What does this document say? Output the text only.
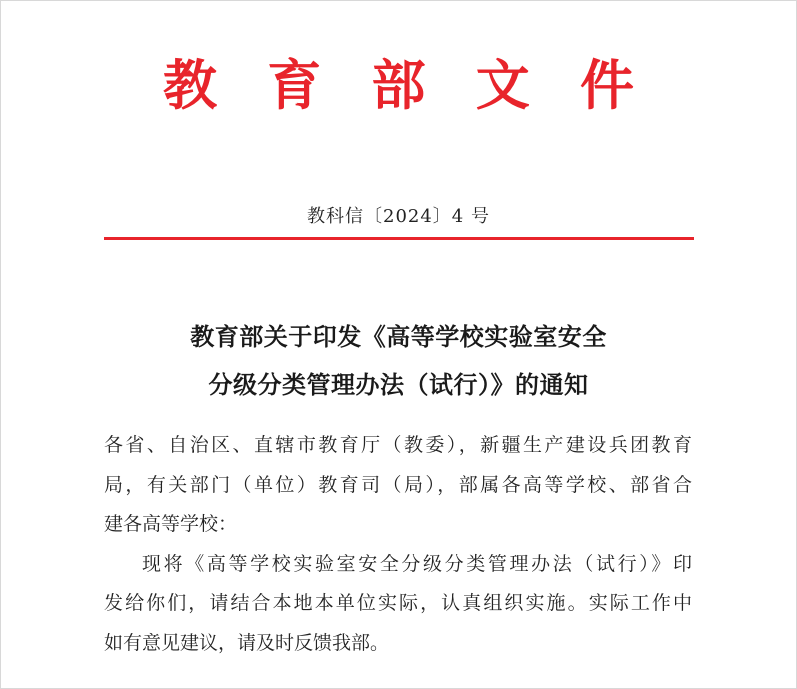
教 育 部 文 件
教科信〔2024〕4 号
教育部关于印发《高等学校实验室安全
分级分类管理办法（试行）》的通知
各省、自治区、直辖市教育厅（教委），新疆生产建设兵团教育
局，有关部门（单位）教育司（局），部属各高等学校、部省合
建各高等学校：
现将《高等学校实验室安全分级分类管理办法（试行）》印
发给你们，请结合本地本单位实际，认真组织实施。实际工作中
如有意见建议，请及时反馈我部。
